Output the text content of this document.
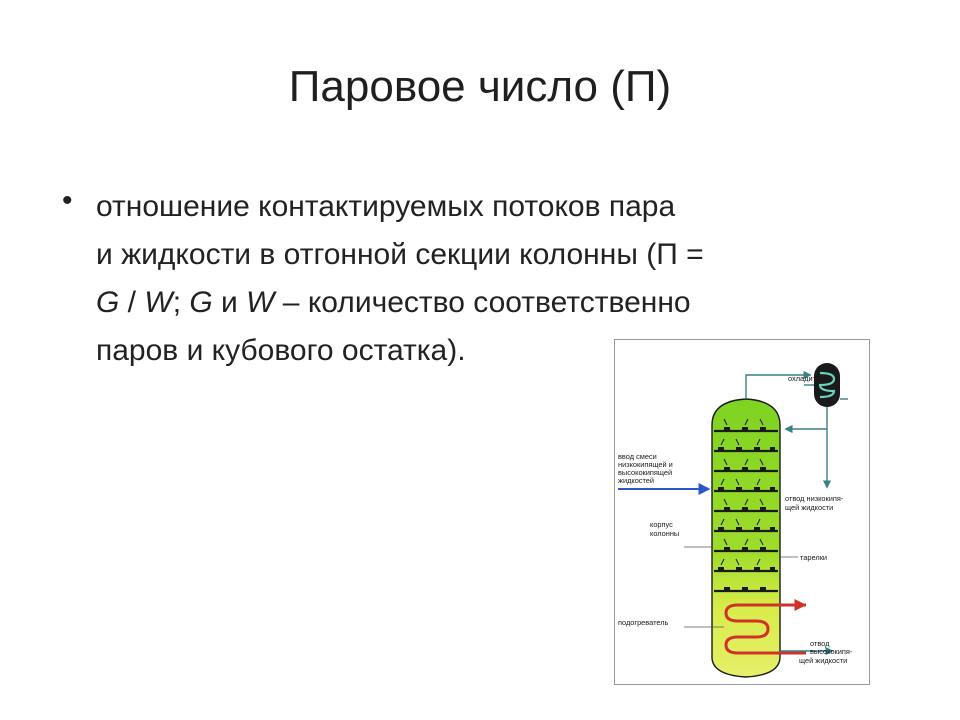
Паровое число (П)
• отношение контактируемых потоков пара
и жидкости в отгонной секции колонны (П =
G / W; G и W – количество соответственно
паров и кубового остатка).

охладитель
ввод смеси
низкокипящей и
высококипящей
жидкостей
отвод низкокипя-
щей жидкости
корпус
колонны
тарелки
подогреватель
отвод
высококипя-
щей жидкости
